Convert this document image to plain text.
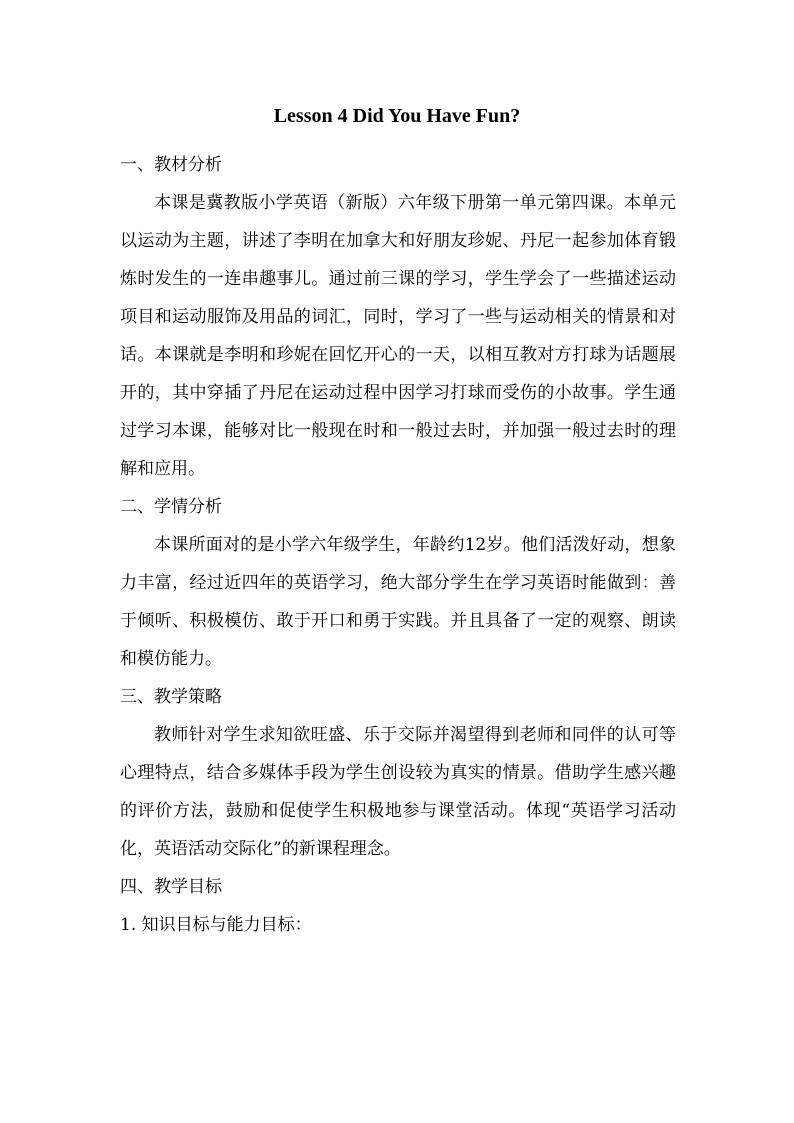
Lesson 4 Did You Have Fun?

一、教材分析

本课是冀教版小学英语（新版）六年级下册第一单元第四课。本单元以运动为主题，讲述了李明在加拿大和好朋友珍妮、丹尼一起参加体育锻炼时发生的一连串趣事儿。通过前三课的学习，学生学会了一些描述运动项目和运动服饰及用品的词汇，同时，学习了一些与运动相关的情景和对话。本课就是李明和珍妮在回忆开心的一天，以相互教对方打球为话题展开的，其中穿插了丹尼在运动过程中因学习打球而受伤的小故事。学生通过学习本课，能够对比一般现在时和一般过去时，并加强一般过去时的理解和应用。

二、学情分析

本课所面对的是小学六年级学生，年龄约12岁。他们活泼好动，想象力丰富，经过近四年的英语学习，绝大部分学生在学习英语时能做到：善于倾听、积极模仿、敢于开口和勇于实践。并且具备了一定的观察、朗读和模仿能力。

三、教学策略

教师针对学生求知欲旺盛、乐于交际并渴望得到老师和同伴的认可等心理特点，结合多媒体手段为学生创设较为真实的情景。借助学生感兴趣的评价方法，鼓励和促使学生积极地参与课堂活动。体现“英语学习活动化，英语活动交际化”的新课程理念。

四、教学目标

1. 知识目标与能力目标：
